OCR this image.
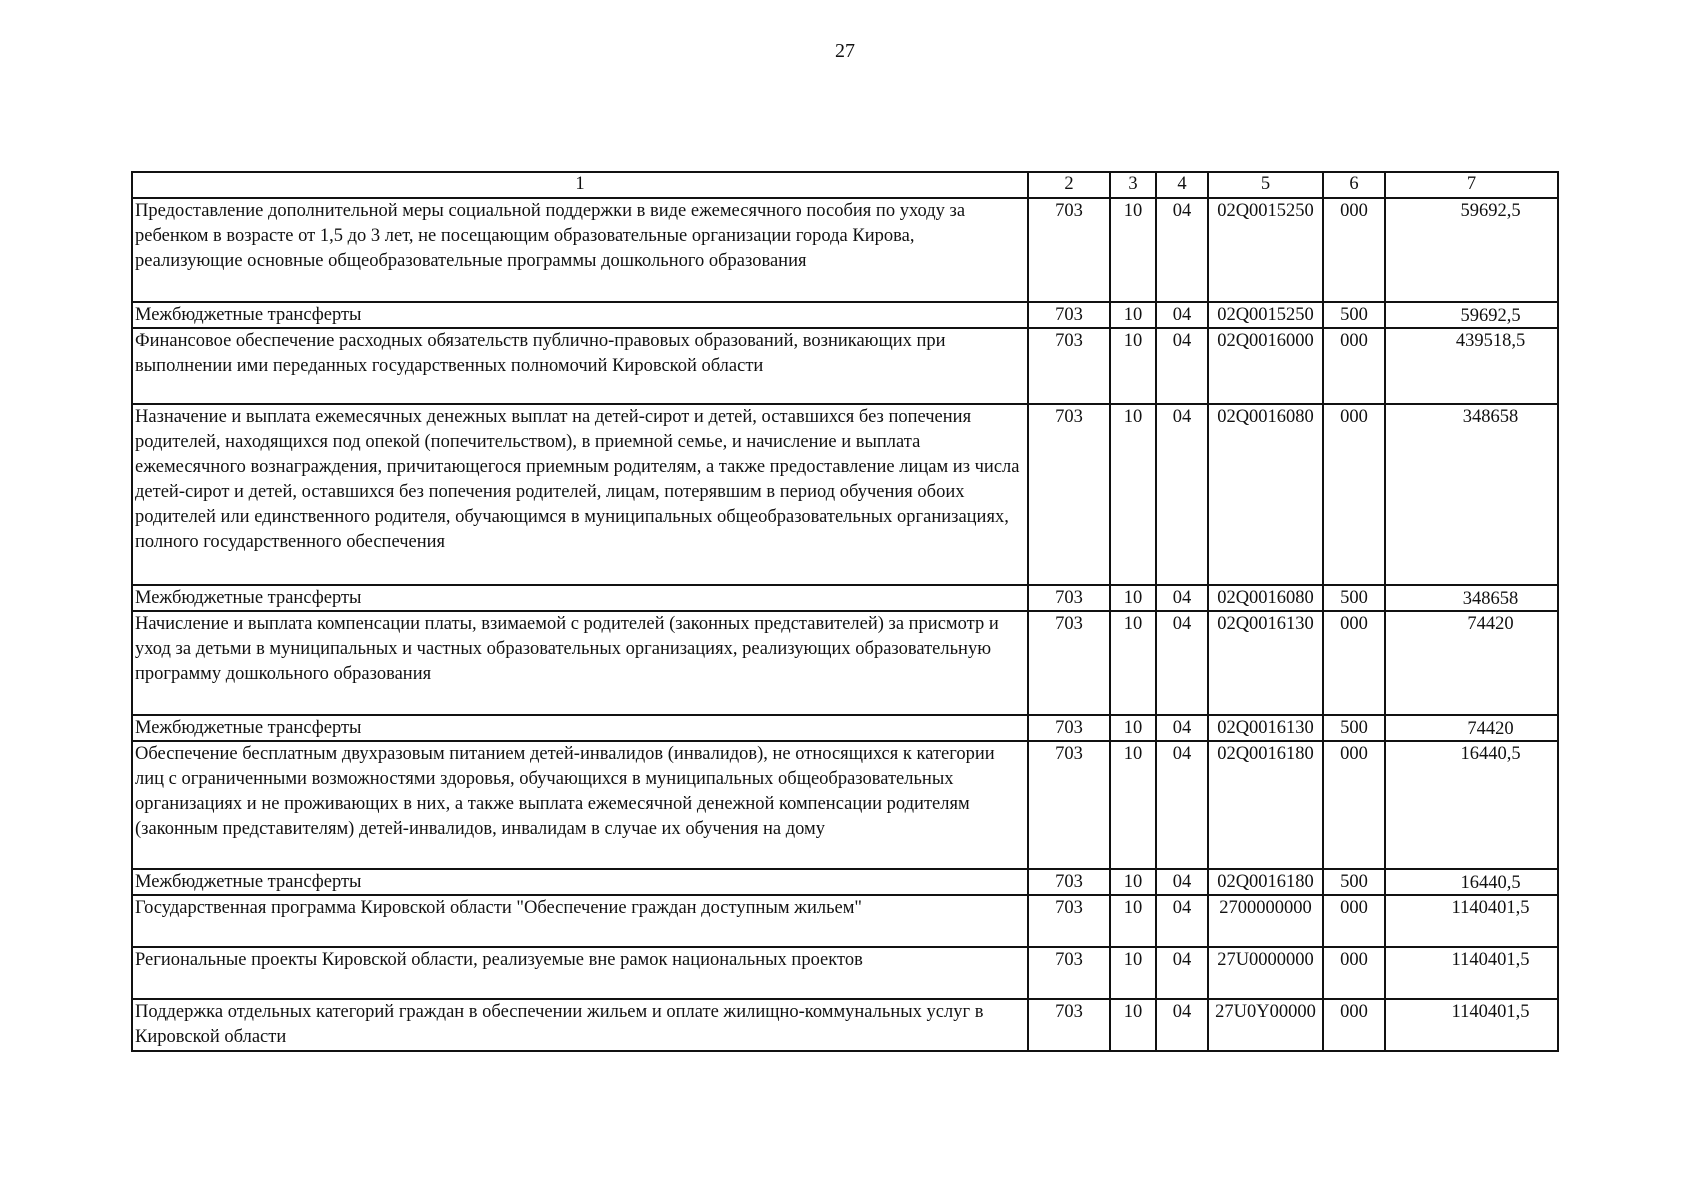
27
1	2	3	4	5	6	7
Предоставление дополнительной меры социальной поддержки в виде ежемесячного пособия по уходу за ребенком в возрасте от 1,5 до 3 лет, не посещающим образовательные организации города Кирова, реализующие основные общеобразовательные программы дошкольного образования	703	10	04	02Q0015250	000	59692,5
Межбюджетные трансферты	703	10	04	02Q0015250	500	59692,5
Финансовое обеспечение расходных обязательств публично-правовых образований, возникающих при выполнении ими переданных государственных полномочий Кировской области	703	10	04	02Q0016000	000	439518,5
Назначение и выплата ежемесячных денежных выплат на детей-сирот и детей, оставшихся без попечения родителей, находящихся под опекой (попечительством), в приемной семье, и начисление и выплата ежемесячного вознаграждения, причитающегося приемным родителям, а также предоставление лицам из числа детей-сирот и детей, оставшихся без попечения родителей, лицам, потерявшим в период обучения обоих родителей или единственного родителя, обучающимся в муниципальных общеобразовательных организациях, полного государственного обеспечения	703	10	04	02Q0016080	000	348658
Межбюджетные трансферты	703	10	04	02Q0016080	500	348658
Начисление и выплата компенсации платы, взимаемой с родителей (законных представителей) за присмотр и уход за детьми в муниципальных и частных образовательных организациях, реализующих образовательную программу дошкольного образования	703	10	04	02Q0016130	000	74420
Межбюджетные трансферты	703	10	04	02Q0016130	500	74420
Обеспечение бесплатным двухразовым питанием детей-инвалидов (инвалидов), не относящихся к категории лиц с ограниченными возможностями здоровья, обучающихся в муниципальных общеобразовательных организациях и не проживающих в них, а также выплата ежемесячной денежной компенсации родителям (законным представителям) детей-инвалидов, инвалидам в случае их обучения на дому	703	10	04	02Q0016180	000	16440,5
Межбюджетные трансферты	703	10	04	02Q0016180	500	16440,5
Государственная программа Кировской области "Обеспечение граждан доступным жильем"	703	10	04	2700000000	000	1140401,5
Региональные проекты Кировской области, реализуемые вне рамок национальных проектов	703	10	04	27U0000000	000	1140401,5
Поддержка отдельных категорий граждан в обеспечении жильем и оплате жилищно-коммунальных услуг в Кировской области	703	10	04	27U0Y00000	000	1140401,5
